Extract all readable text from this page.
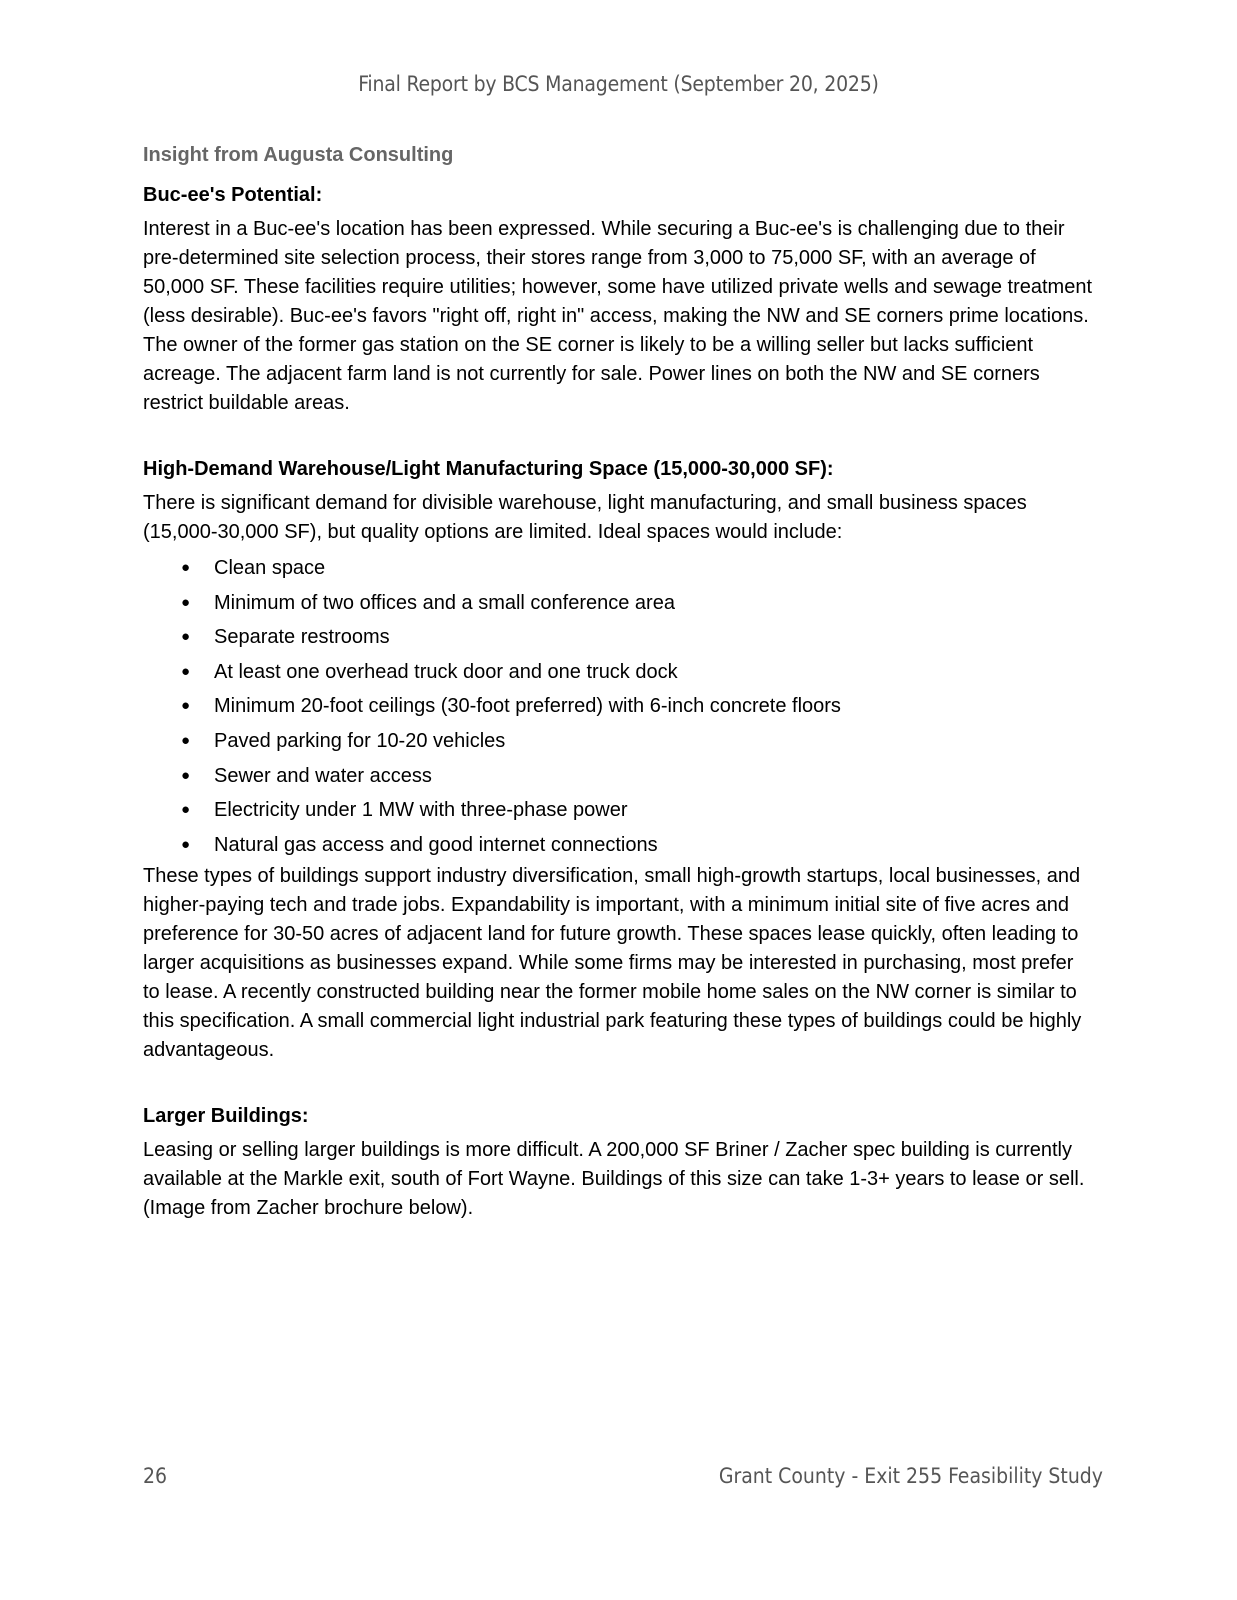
Final Report by BCS Management (September 20, 2025)
Insight from Augusta Consulting
Buc-ee's Potential:

Interest in a Buc-ee's location has been expressed. While securing a Buc-ee's is challenging due to their pre-determined site selection process, their stores range from 3,000 to 75,000 SF, with an average of 50,000 SF. These facilities require utilities; however, some have utilized private wells and sewage treatment (less desirable). Buc-ee's favors "right off, right in" access, making the NW and SE corners prime locations. The owner of the former gas station on the SE corner is likely to be a willing seller but lacks sufficient acreage. The adjacent farm land is not currently for sale. Power lines on both the NW and SE corners restrict buildable areas.

High-Demand Warehouse/Light Manufacturing Space (15,000-30,000 SF):

There is significant demand for divisible warehouse, light manufacturing, and small business spaces (15,000-30,000 SF), but quality options are limited. Ideal spaces would include:

● Clean space
● Minimum of two offices and a small conference area
● Separate restrooms
● At least one overhead truck door and one truck dock
● Minimum 20-foot ceilings (30-foot preferred) with 6-inch concrete floors
● Paved parking for 10-20 vehicles
● Sewer and water access
● Electricity under 1 MW with three-phase power
● Natural gas access and good internet connections

These types of buildings support industry diversification, small high-growth startups, local businesses, and higher-paying tech and trade jobs. Expandability is important, with a minimum initial site of five acres and preference for 30-50 acres of adjacent land for future growth. These spaces lease quickly, often leading to larger acquisitions as businesses expand. While some firms may be interested in purchasing, most prefer to lease. A recently constructed building near the former mobile home sales on the NW corner is similar to this specification. A small commercial light industrial park featuring these types of buildings could be highly advantageous.

Larger Buildings:

Leasing or selling larger buildings is more difficult. A 200,000 SF Briner / Zacher spec building is currently available at the Markle exit, south of Fort Wayne. Buildings of this size can take 1-3+ years to lease or sell. (Image from Zacher brochure below).

26	Grant County - Exit 255 Feasibility Study
